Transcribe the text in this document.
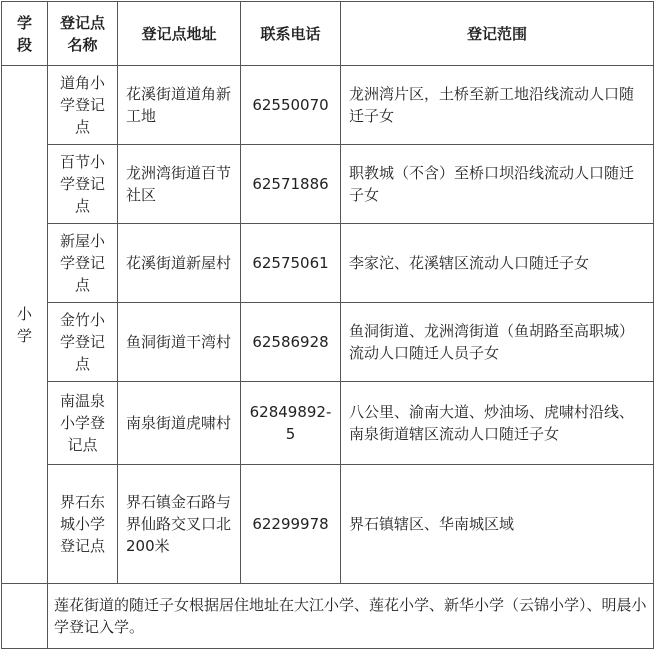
学段	登记点名称	登记点地址	联系电话	登记范围
小学	道角小学登记点	花溪街道道角新工地	62550070	龙洲湾片区，土桥至新工地沿线流动人口随迁子女
	百节小学登记点	龙洲湾街道百节社区	62571886	职教城（不含）至桥口坝沿线流动人口随迁子女
	新屋小学登记点	花溪街道新屋村	62575061	李家沱、花溪辖区流动人口随迁子女
	金竹小学登记点	鱼洞街道干湾村	62586928	鱼洞街道、龙洲湾街道（鱼胡路至高职城）流动人口随迁人员子女
	南温泉小学登记点	南泉街道虎啸村	62849892-5	八公里、渝南大道、炒油场、虎啸村沿线、南泉街道辖区流动人口随迁子女
	界石东城小学登记点	界石镇金石路与界仙路交叉口北200米	62299978	界石镇辖区、华南城区域
	莲花街道的随迁子女根据居住地址在大江小学、莲花小学、新华小学（云锦小学）、明晨小学登记入学。			
